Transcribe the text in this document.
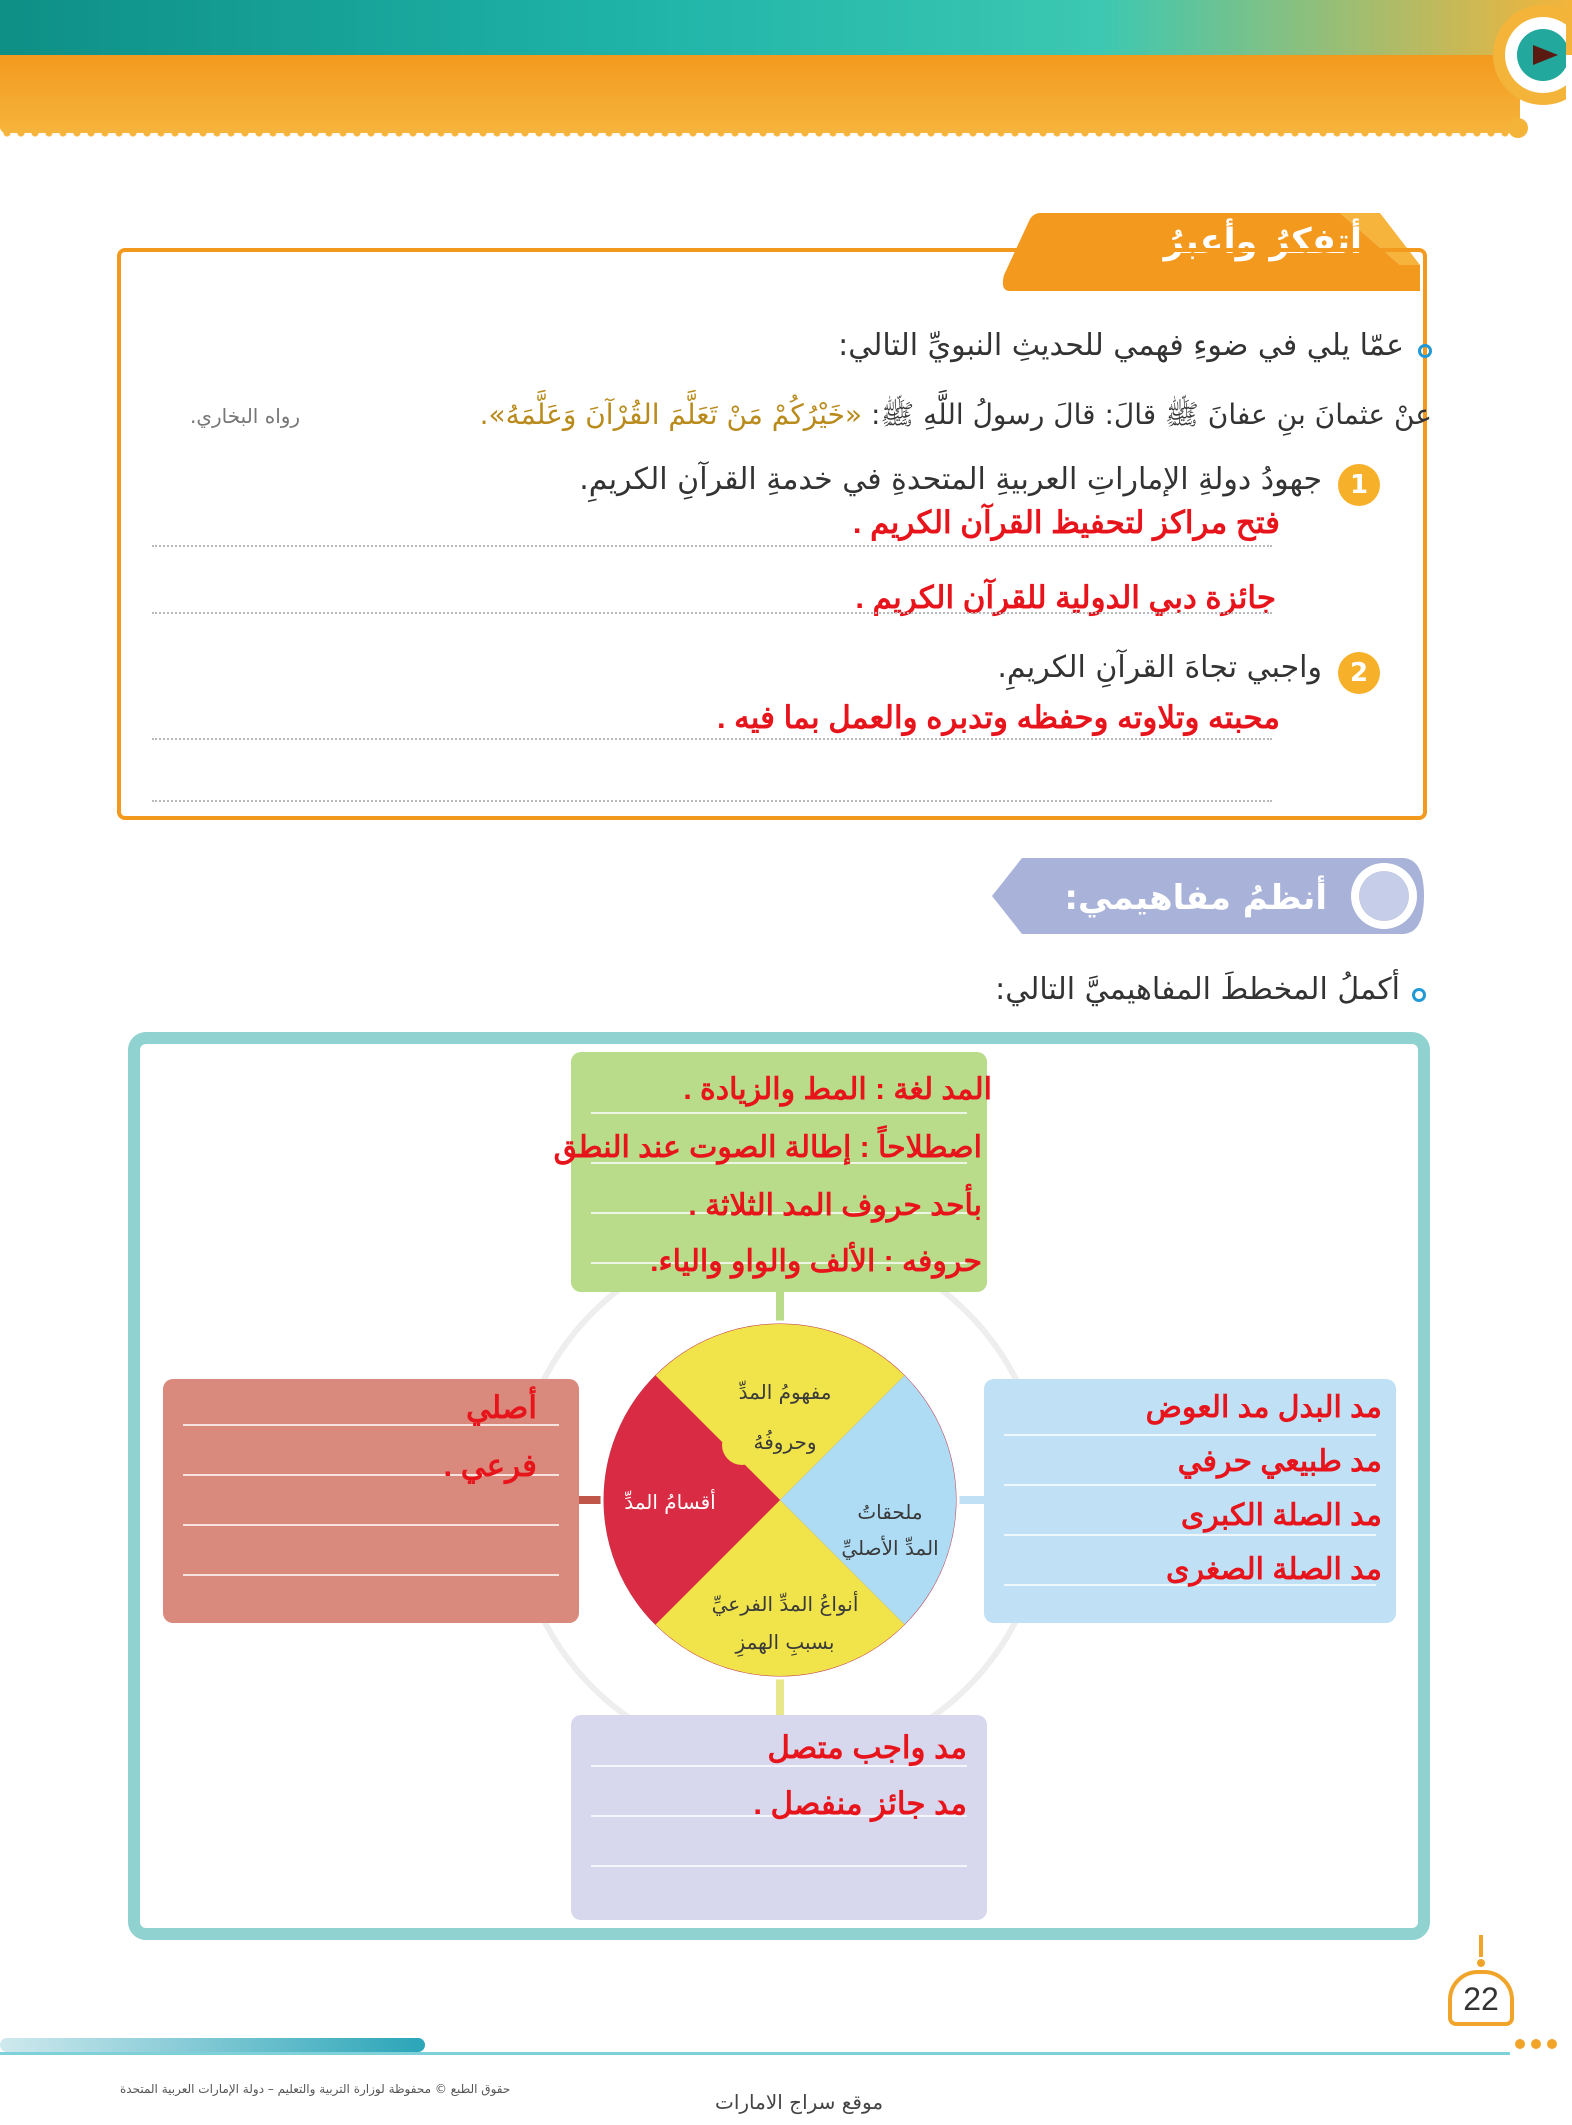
أتفكرُ وأعبرُ
عمّا يلي في ضوءِ فهمي للحديثِ النبويِّ التالي:
عنْ عثمانَ بنِ عفانَ ﷺ قالَ: قالَ رسولُ اللَّهِ ﷺ: «خَيْرُكُمْ مَنْ تَعَلَّمَ القُرْآنَ وَعَلَّمَهُ».
رواه البخاري.
1
جهودُ دولةِ الإماراتِ العربيةِ المتحدةِ في خدمةِ القرآنِ الكريمِ.
فتح مراكز لتحفيظ القرآن الكريم .
جائزة دبي الدولية للقرآن الكريم .
2
واجبي تجاهَ القرآنِ الكريمِ.
محبته وتلاوته وحفظه وتدبره والعمل بما فيه .
أنظمُ مفاهيمي:
أكملُ المخططَ المفاهيميَّ التالي:
مفهومُ المدِّ
وحروفُهُ
ملحقاتُ
المدِّ الأصليِّ
أقسامُ المدِّ
أنواعُ المدِّ الفرعيِّ
بسببِ الهمزِ
المد لغة : المط والزيادة .
اصطلاحاً : إطالة الصوت عند النطق
بأحد حروف المد الثلاثة .
حروفه : الألف والواو والياء.
مد البدل مد العوض
مد طبيعي حرفي
مد الصلة الكبرى
مد الصلة الصغرى
أصلي
فرعي .
مد واجب متصل
مد جائز منفصل .
22
حقوق الطبع © محفوظة لوزارة التربية والتعليم – دولة الإمارات العربية المتحدة
موقع سراج الامارات
